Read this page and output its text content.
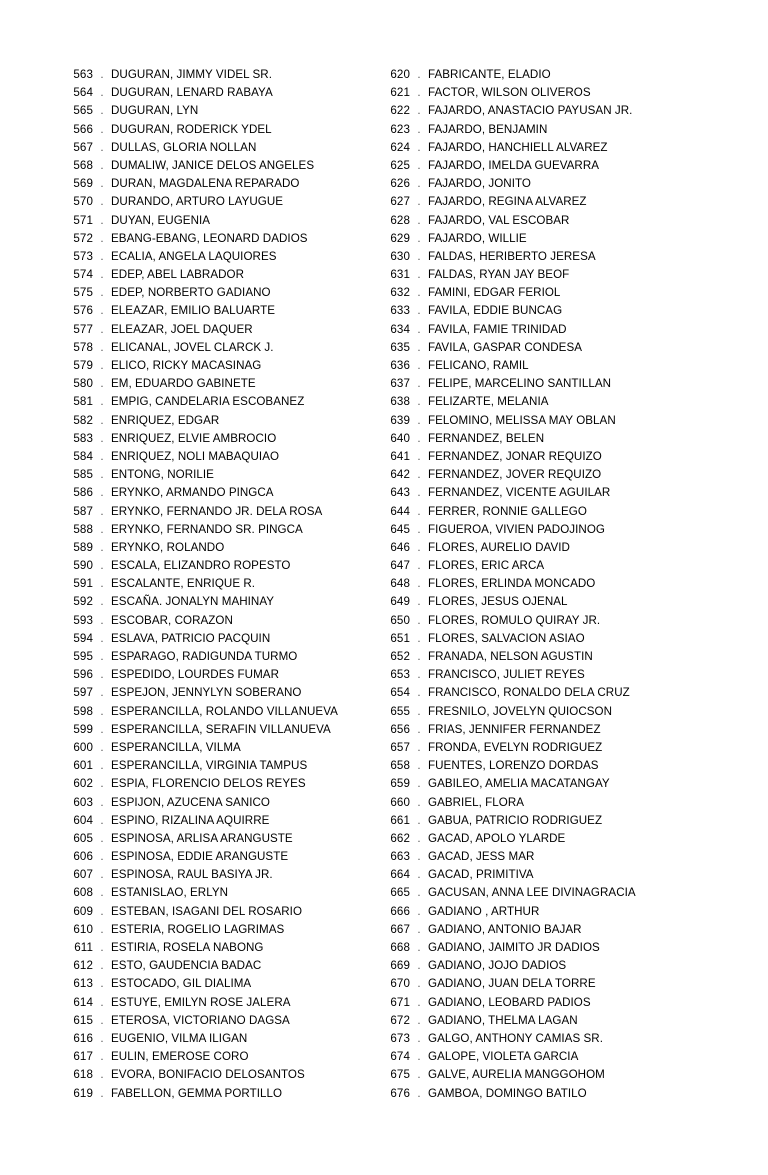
563 . DUGURAN, JIMMY VIDEL SR.
564 . DUGURAN, LENARD RABAYA
565 . DUGURAN, LYN
566 . DUGURAN, RODERICK YDEL
567 . DULLAS, GLORIA NOLLAN
568 . DUMALIW, JANICE DELOS ANGELES
569 . DURAN, MAGDALENA REPARADO
570 . DURANDO, ARTURO LAYUGUE
571 . DUYAN, EUGENIA
572 . EBANG-EBANG, LEONARD DADIOS
573 . ECALIA, ANGELA LAQUIORES
574 . EDEP, ABEL LABRADOR
575 . EDEP, NORBERTO GADIANO
576 . ELEAZAR, EMILIO BALUARTE
577 . ELEAZAR, JOEL DAQUER
578 . ELICANAL, JOVEL CLARCK J.
579 . ELICO, RICKY MACASINAG
580 . EM, EDUARDO GABINETE
581 . EMPIG, CANDELARIA ESCOBANEZ
582 . ENRIQUEZ, EDGAR
583 . ENRIQUEZ, ELVIE AMBROCIO
584 . ENRIQUEZ, NOLI MABAQUIAO
585 . ENTONG, NORILIE
586 . ERYNKO, ARMANDO PINGCA
587 . ERYNKO, FERNANDO JR. DELA ROSA
588 . ERYNKO, FERNANDO SR. PINGCA
589 . ERYNKO, ROLANDO
590 . ESCALA, ELIZANDRO ROPESTO
591 . ESCALANTE, ENRIQUE R.
592 . ESCAÑA. JONALYN MAHINAY
593 . ESCOBAR, CORAZON
594 . ESLAVA, PATRICIO PACQUIN
595 . ESPARAGO, RADIGUNDA TURMO
596 . ESPEDIDO, LOURDES FUMAR
597 . ESPEJON, JENNYLYN SOBERANO
598 . ESPERANCILLA, ROLANDO VILLANUEVA
599 . ESPERANCILLA, SERAFIN VILLANUEVA
600 . ESPERANCILLA, VILMA
601 . ESPERANCILLA, VIRGINIA TAMPUS
602 . ESPIA, FLORENCIO DELOS REYES
603 . ESPIJON, AZUCENA SANICO
604 . ESPINO, RIZALINA AQUIRRE
605 . ESPINOSA, ARLISA ARANGUSTE
606 . ESPINOSA, EDDIE ARANGUSTE
607 . ESPINOSA, RAUL BASIYA JR.
608 . ESTANISLAO, ERLYN
609 . ESTEBAN, ISAGANI DEL ROSARIO
610 . ESTERIA, ROGELIO LAGRIMAS
611 . ESTIRIA, ROSELA NABONG
612 . ESTO, GAUDENCIA BADAC
613 . ESTOCADO, GIL DIALIMA
614 . ESTUYE, EMILYN ROSE JALERA
615 . ETEROSA, VICTORIANO DAGSA
616 . EUGENIO, VILMA ILIGAN
617 . EULIN, EMEROSE CORO
618 . EVORA, BONIFACIO DELOSANTOS
619 . FABELLON, GEMMA PORTILLO
620 . FABRICANTE, ELADIO
621 . FACTOR, WILSON OLIVEROS
622 . FAJARDO, ANASTACIO PAYUSAN JR.
623 . FAJARDO, BENJAMIN
624 . FAJARDO, HANCHIELL ALVAREZ
625 . FAJARDO, IMELDA GUEVARRA
626 . FAJARDO, JONITO
627 . FAJARDO, REGINA ALVAREZ
628 . FAJARDO, VAL ESCOBAR
629 . FAJARDO, WILLIE
630 . FALDAS, HERIBERTO JERESA
631 . FALDAS, RYAN JAY BEOF
632 . FAMINI, EDGAR FERIOL
633 . FAVILA, EDDIE BUNCAG
634 . FAVILA, FAMIE TRINIDAD
635 . FAVILA, GASPAR CONDESA
636 . FELICANO, RAMIL
637 . FELIPE, MARCELINO SANTILLAN
638 . FELIZARTE, MELANIA
639 . FELOMINO, MELISSA MAY OBLAN
640 . FERNANDEZ, BELEN
641 . FERNANDEZ, JONAR REQUIZO
642 . FERNANDEZ, JOVER REQUIZO
643 . FERNANDEZ, VICENTE AGUILAR
644 . FERRER, RONNIE GALLEGO
645 . FIGUEROA, VIVIEN PADOJINOG
646 . FLORES, AURELIO DAVID
647 . FLORES, ERIC ARCA
648 . FLORES, ERLINDA MONCADO
649 . FLORES, JESUS OJENAL
650 . FLORES, ROMULO QUIRAY JR.
651 . FLORES, SALVACION ASIAO
652 . FRANADA, NELSON AGUSTIN
653 . FRANCISCO, JULIET REYES
654 . FRANCISCO, RONALDO DELA CRUZ
655 . FRESNILO, JOVELYN QUIOCSON
656 . FRIAS, JENNIFER FERNANDEZ
657 . FRONDA, EVELYN RODRIGUEZ
658 . FUENTES, LORENZO DORDAS
659 . GABILEO, AMELIA MACATANGAY
660 . GABRIEL, FLORA
661 . GABUA, PATRICIO RODRIGUEZ
662 . GACAD, APOLO YLARDE
663 . GACAD, JESS MAR
664 . GACAD, PRIMITIVA
665 . GACUSAN, ANNA LEE DIVINAGRACIA
666 . GADIANO , ARTHUR
667 . GADIANO, ANTONIO BAJAR
668 . GADIANO, JAIMITO JR DADIOS
669 . GADIANO, JOJO DADIOS
670 . GADIANO, JUAN DELA TORRE
671 . GADIANO, LEOBARD PADIOS
672 . GADIANO, THELMA LAGAN
673 . GALGO, ANTHONY CAMIAS SR.
674 . GALOPE, VIOLETA GARCIA
675 . GALVE, AURELIA MANGGOHOM
676 . GAMBOA, DOMINGO BATILO
